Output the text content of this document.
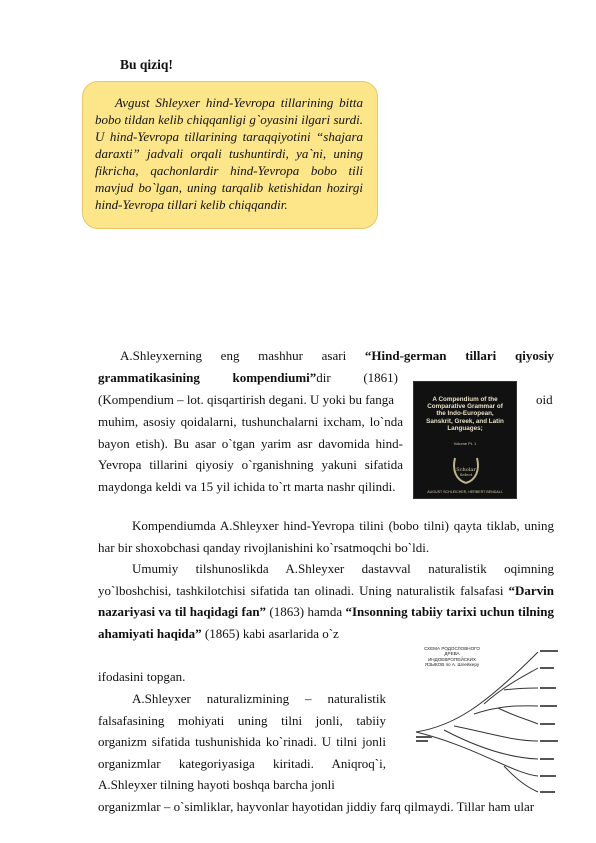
Bu qiziq!

Avgust Shleyxer hind-Yevropa tillarining bitta bobo tildan kelib chiqqanligi g`oyasini ilgari surdi. U hind-Yevropa tillarining taraqqiyotini “shajara daraxti” jadvali orqali tushuntirdi, ya`ni, uning fikricha, qachonlardir hind-Yevropa bobo tili mavjud bo`lgan, uning tarqalib ketishidan hozirgi hind-Yevropa tillari kelib chiqqandir.

A.Shleyxerning eng mashhur asari “Hind-german tillari qiyosiy

grammatikasining kompendiumi”dir (1861)

(Kompendium – lot. qisqartirish degani. U yoki bu fanga	oid

muhim, asosiy qoidalarni, tushunchalarni ixcham, lo`nda bayon etish). Bu asar o`tgan yarim asr davomida hind-Yevropa tillarini qiyosiy o`rganishning yakuni sifatida maydonga keldi va 15 yil ichida to`rt marta nashr qilindi.

A Compendium of the Comparative Grammar of the Indo-European, Sanskrit, Greek, and Latin Languages;
Volume Pt. 1
Scholar
Select
AUGUST SCHLEICHER, HERBERT BENDALL

Kompendiumda A.Shleyxer hind-Yevropa tilini (bobo tilni) qayta tiklab, uning har bir shoxobchasi qanday rivojlanishini ko`rsatmoqchi bo`ldi.

Umumiy tilshunoslikda A.Shleyxer dastavval naturalistik oqimning yo`lboshchisi, tashkilotchisi sifatida tan olinadi. Uning naturalistik falsafasi “Darvin nazariyasi va til haqidagi fan” (1863) hamda “Insonning tabiiy tarixi uchun tilning ahamiyati haqida” (1865) kabi asarlarida o`z

ifodasini topgan.

A.Shleyxer naturalizmining – naturalistik falsafasining mohiyati uning tilni jonli, tabiiy organizm sifatida tushunishida ko`rinadi. U tilni jonli organizmlar kategoriyasiga kiritadi. Aniqroq`i, A.Shleyxer tilning hayoti boshqa barcha jonli

organizmlar – o`simliklar, hayvonlar hayotidan jiddiy farq qilmaydi. Tillar ham ular

СХЕМА РОДОСЛОВНОГО ДРЕВА ИНДОЕВРОПЕЙСКИХ ЯЗЫКОВ по А. Шлейхеру
